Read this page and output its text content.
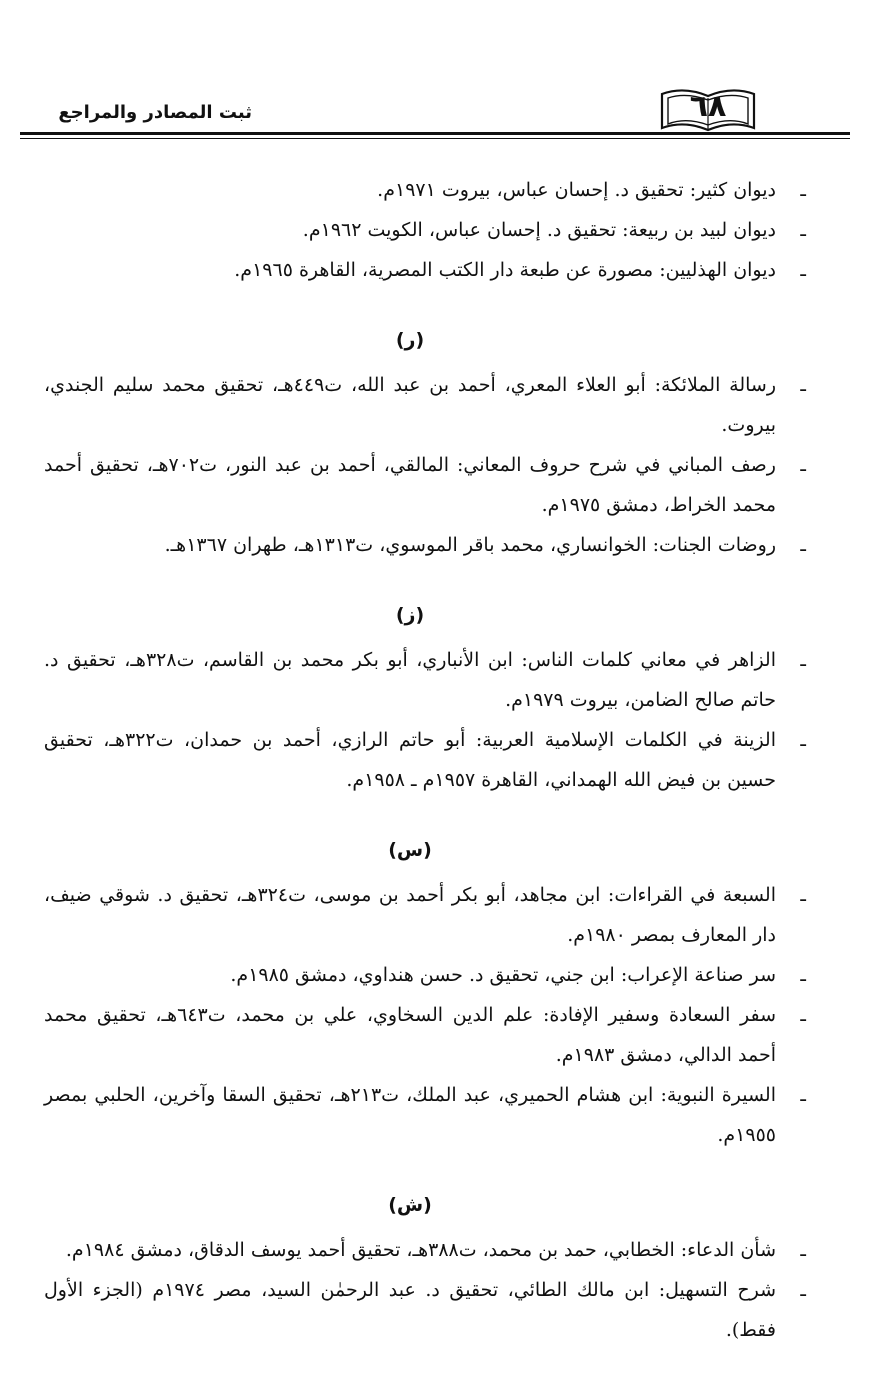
ثبت المصادر والمراجع	٦٨
ـ
ديوان كثير: تحقيق د. إحسان عباس، بيروت ١٩٧١م.
ـ
ديوان لبيد بن ربيعة: تحقيق د. إحسان عباس، الكويت ١٩٦٢م.
ـ
ديوان الهذليين: مصورة عن طبعة دار الكتب المصرية، القاهرة ١٩٦٥م.
(ر)
ـ
رسالة الملائكة: أبو العلاء المعري، أحمد بن عبد الله، ت٤٤٩هـ، تحقيق محمد سليم الجندي، بيروت.
ـ
رصف المباني في شرح حروف المعاني: المالقي، أحمد بن عبد النور، ت٧٠٢هـ، تحقيق أحمد محمد الخراط، دمشق ١٩٧٥م.
ـ
روضات الجنات: الخوانساري، محمد باقر الموسوي، ت١٣١٣هـ، طهران ١٣٦٧هـ.
(ز)
ـ
الزاهر في معاني كلمات الناس: ابن الأنباري، أبو بكر محمد بن القاسم، ت٣٢٨هـ، تحقيق د. حاتم صالح الضامن، بيروت ١٩٧٩م.
ـ
الزينة في الكلمات الإسلامية العربية: أبو حاتم الرازي، أحمد بن حمدان، ت٣٢٢هـ، تحقيق حسين بن فيض الله الهمداني، القاهرة ١٩٥٧م ـ ١٩٥٨م.
(س)
ـ
السبعة في القراءات: ابن مجاهد، أبو بكر أحمد بن موسى، ت٣٢٤هـ، تحقيق د. شوقي ضيف، دار المعارف بمصر ١٩٨٠م.
ـ
سر صناعة الإعراب: ابن جني، تحقيق د. حسن هنداوي، دمشق ١٩٨٥م.
ـ
سفر السعادة وسفير الإفادة: علم الدين السخاوي، علي بن محمد، ت٦٤٣هـ، تحقيق محمد أحمد الدالي، دمشق ١٩٨٣م.
ـ
السيرة النبوية: ابن هشام الحميري، عبد الملك، ت٢١٣هـ، تحقيق السقا وآخرين، الحلبي بمصر ١٩٥٥م.
(ش)
ـ
شأن الدعاء: الخطابي، حمد بن محمد، ت٣٨٨هـ، تحقيق أحمد يوسف الدقاق، دمشق ١٩٨٤م.
ـ
شرح التسهيل: ابن مالك الطائي، تحقيق د. عبد الرحمٰن السيد، مصر ١٩٧٤م (الجزء الأول فقط).
